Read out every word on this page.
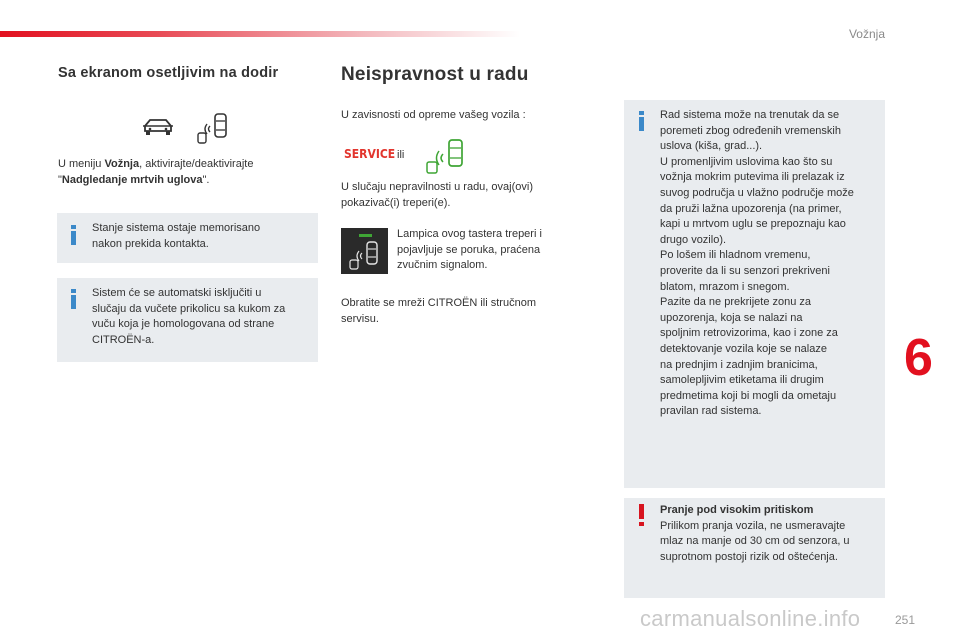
Vožnja
Sa ekranom osetljivim na dodir
U meniju Vožnja, aktivirajte/deaktivirajte
"Nadgledanje mrtvih uglova".
Stanje sistema ostaje memorisano
nakon prekida kontakta.
Sistem će se automatski isključiti u
slučaju da vučete prikolicu sa kukom za
vuču koja je homologovana od strane
CITROËN-a.
Neispravnost u radu
U zavisnosti od opreme vašeg vozila :
SERVICE ili
U slučaju nepravilnosti u radu, ovaj(ovi)
pokazivač(i) treperi(e).
Lampica ovog tastera treperi i
pojavljuje se poruka, praćena
zvučnim signalom.
Obratite se mreži CITROËN ili stručnom
servisu.
Rad sistema može na trenutak da se
poremeti zbog određenih vremenskih
uslova (kiša, grad...).
U promenljivim uslovima kao što su
vožnja mokrim putevima ili prelazak iz
suvog područja u vlažno područje može
da pruži lažna upozorenja (na primer,
kapi u mrtvom uglu se prepoznaju kao
drugo vozilo).
Po lošem ili hladnom vremenu,
proverite da li su senzori prekriveni
blatom, mrazom i snegom.
Pazite da ne prekrijete zonu za
upozorenja, koja se nalazi na
spoljnim retrovizorima, kao i zone za
detektovanje vozila koje se nalaze
na prednjim i zadnjim branicima,
samolepljivim etiketama ili drugim
predmetima koji bi mogli da ometaju
pravilan rad sistema.
Pranje pod visokim pritiskom
Prilikom pranja vozila, ne usmeravajte
mlaz na manje od 30 cm od senzora, u
suprotnom postoji rizik od oštećenja.
6
carmanualsonline.info	251
